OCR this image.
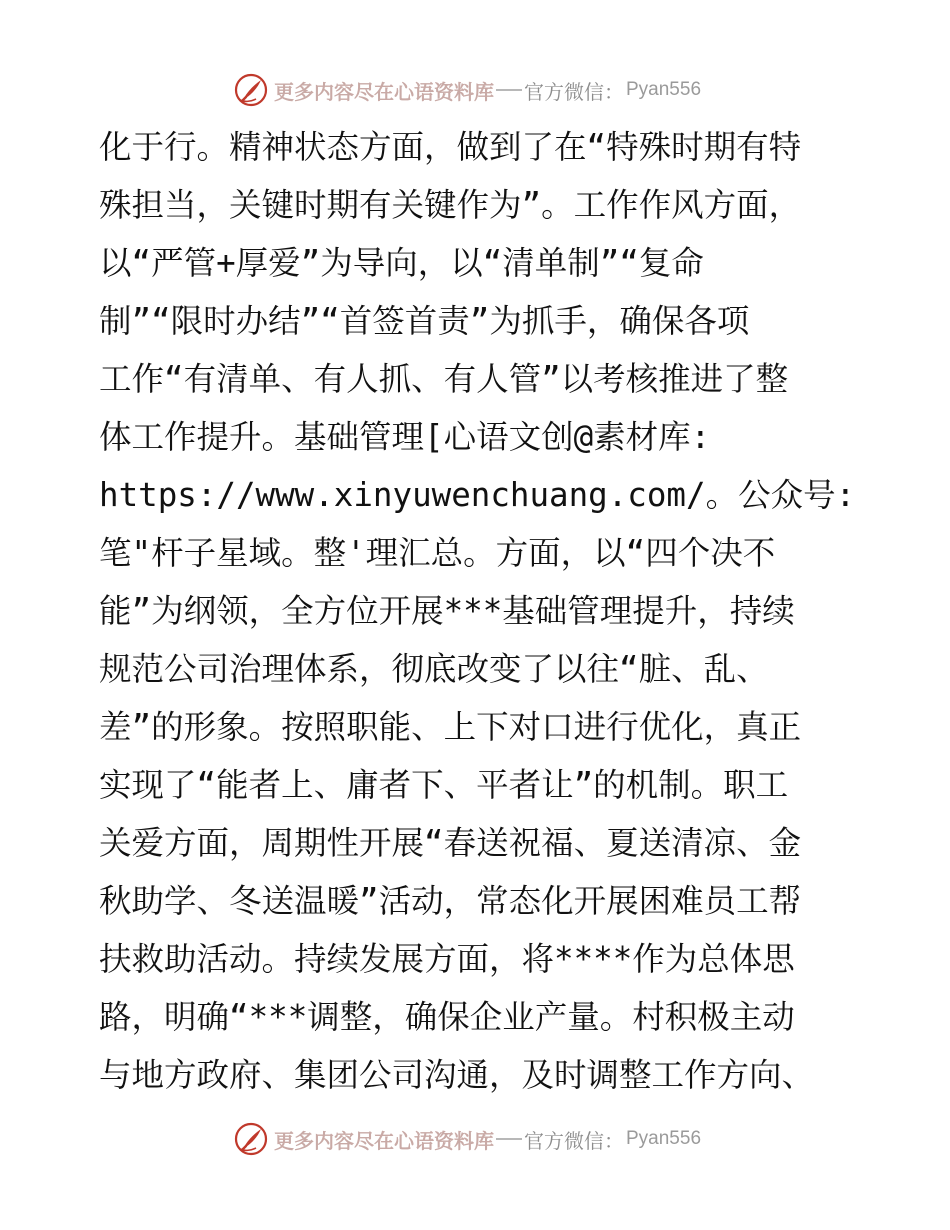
更多内容尽在心语资料库 官方微信： Pyan556
化于行。精神状态方面，做到了在“特殊时期有特
殊担当，关键时期有关键作为”。工作作风方面，
以“严管+厚爱”为导向，以“清单制”“复命
制”“限时办结”“首签首责”为抓手，确保各项
工作“有清单、有人抓、有人管”以考核推进了整
体工作提升。基础管理[心语文创@素材库:
https://www.xinyuwenchuang.com/。公众号:
笔"杆子星域。整'理汇总。方面，以“四个决不
能”为纲领，全方位开展***基础管理提升，持续
规范公司治理体系，彻底改变了以往“脏、乱、
差”的形象。按照职能、上下对口进行优化，真正
实现了“能者上、庸者下、平者让”的机制。职工
关爱方面，周期性开展“春送祝福、夏送清凉、金
秋助学、冬送温暖”活动，常态化开展困难员工帮
扶救助活动。持续发展方面，将****作为总体思
路，明确“***调整，确保企业产量。村积极主动
与地方政府、集团公司沟通，及时调整工作方向、
更多内容尽在心语资料库 官方微信： Pyan556
